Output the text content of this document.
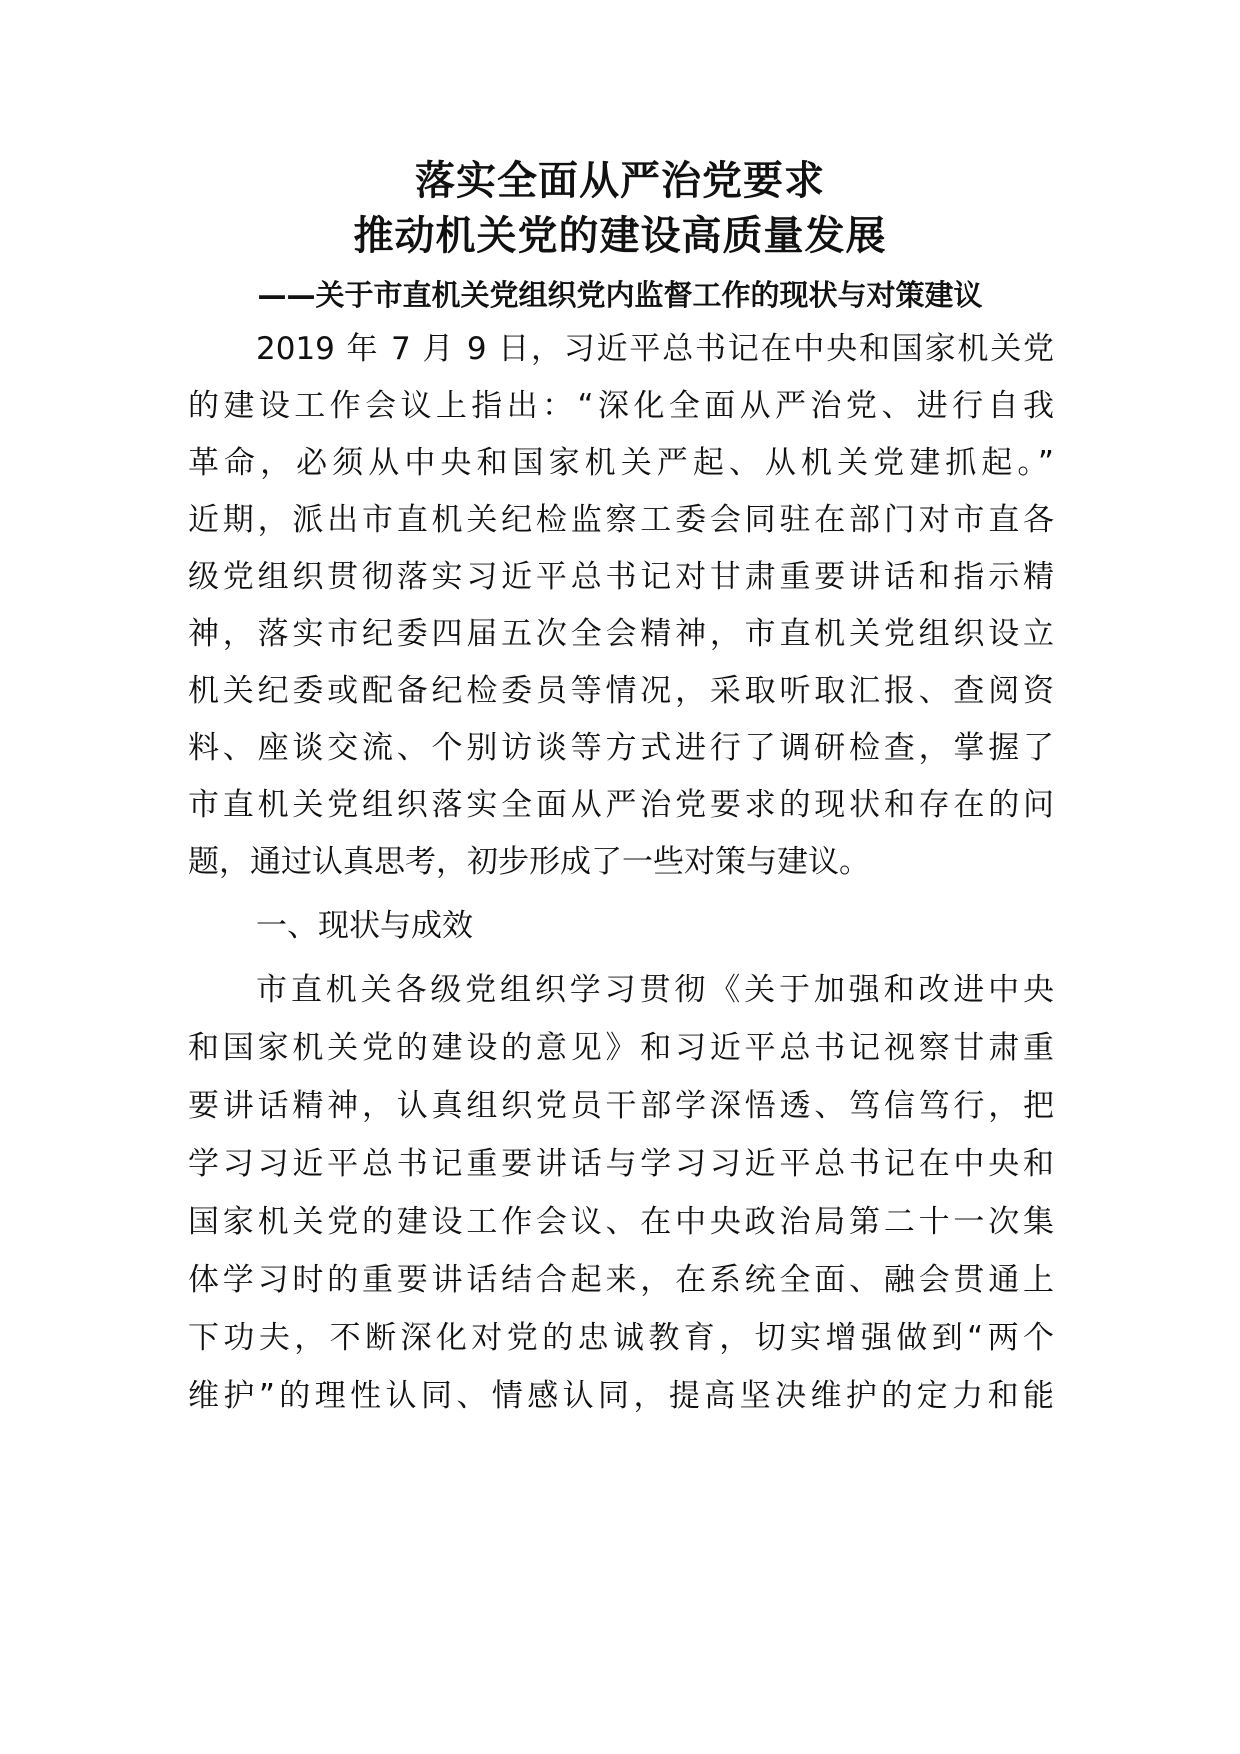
落实全面从严治党要求
推动机关党的建设高质量发展
——关于市直机关党组织党内监督工作的现状与对策建议
2019 年 7 月 9 日，习近平总书记在中央和国家机关党
的建设工作会议上指出：“深化全面从严治党、进行自我
革命，必须从中央和国家机关严起、从机关党建抓起。”
近期，派出市直机关纪检监察工委会同驻在部门对市直各
级党组织贯彻落实习近平总书记对甘肃重要讲话和指示精
神，落实市纪委四届五次全会精神，市直机关党组织设立
机关纪委或配备纪检委员等情况，采取听取汇报、查阅资
料、座谈交流、个别访谈等方式进行了调研检查，掌握了
市直机关党组织落实全面从严治党要求的现状和存在的问
题，通过认真思考，初步形成了一些对策与建议。
一、现状与成效
市直机关各级党组织学习贯彻《关于加强和改进中央
和国家机关党的建设的意见》和习近平总书记视察甘肃重
要讲话精神，认真组织党员干部学深悟透、笃信笃行，把
学习习近平总书记重要讲话与学习习近平总书记在中央和
国家机关党的建设工作会议、在中央政治局第二十一次集
体学习时的重要讲话结合起来，在系统全面、融会贯通上
下功夫，不断深化对党的忠诚教育，切实增强做到“两个
维护”的理性认同、情感认同，提高坚决维护的定力和能
